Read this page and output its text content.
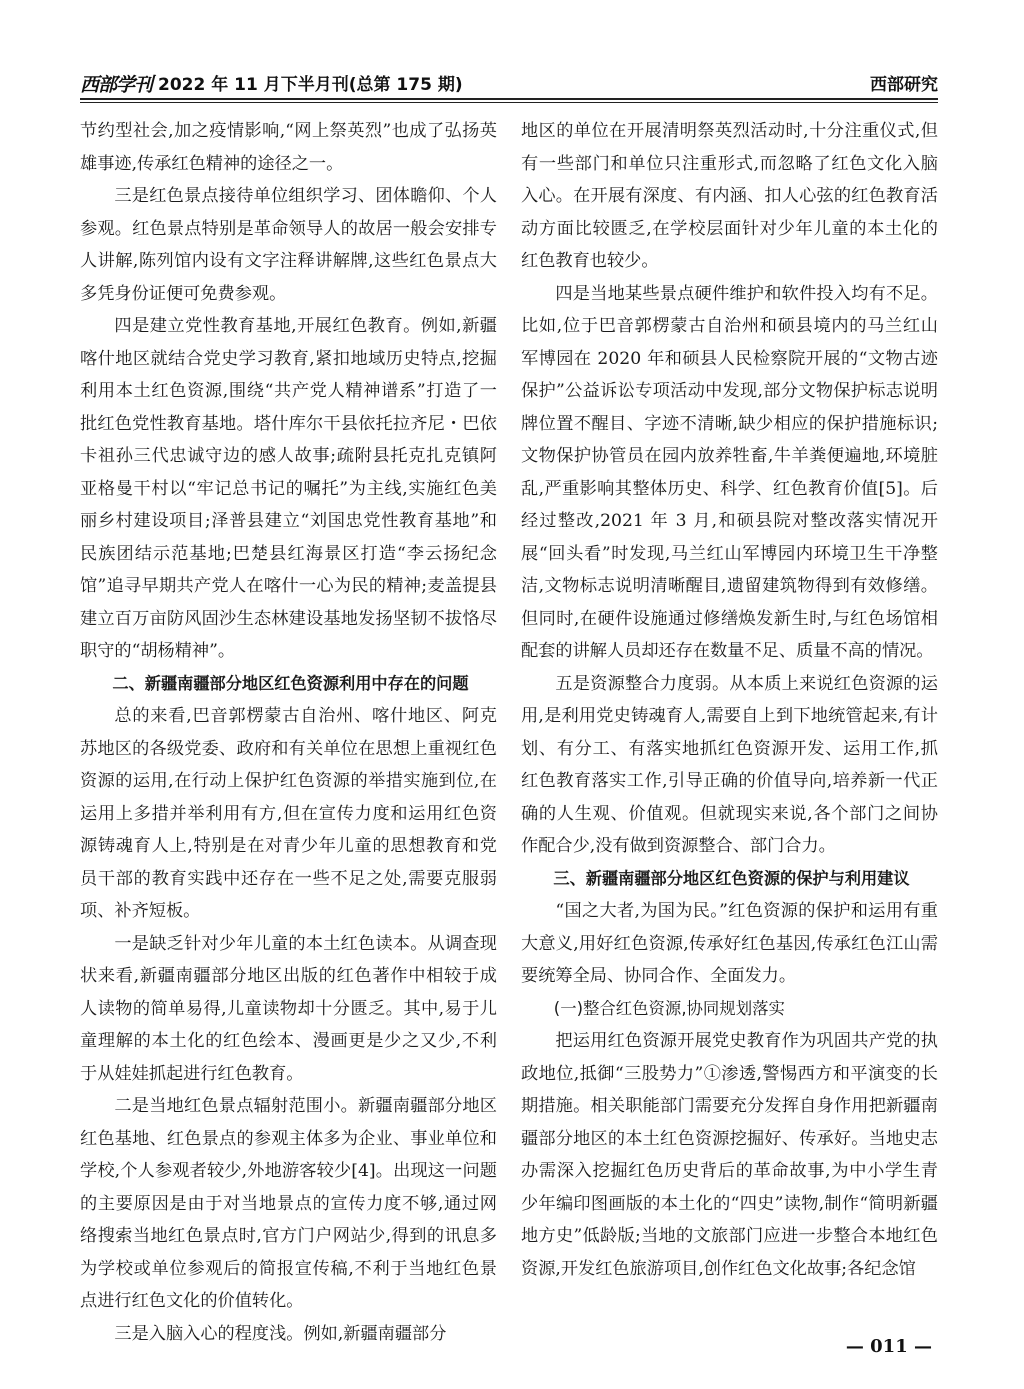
西部学刊 2022 年 11 月下半月刊(总第 175 期)	西部研究

节约型社会,加之疫情影响,“网上祭英烈”也成了弘扬英雄事迹,传承红色精神的途径之一。

三是红色景点接待单位组织学习、团体瞻仰、个人参观。红色景点特别是革命领导人的故居一般会安排专人讲解,陈列馆内设有文字注释讲解牌,这些红色景点大多凭身份证便可免费参观。

四是建立党性教育基地,开展红色教育。例如,新疆喀什地区就结合党史学习教育,紧扣地域历史特点,挖掘利用本土红色资源,围绕“共产党人精神谱系”打造了一批红色党性教育基地。塔什库尔干县依托拉齐尼・巴依卡祖孙三代忠诚守边的感人故事;疏附县托克扎克镇阿亚格曼干村以“牢记总书记的嘱托”为主线,实施红色美丽乡村建设项目;泽普县建立“刘国忠党性教育基地”和民族团结示范基地;巴楚县红海景区打造“李云扬纪念馆”追寻早期共产党人在喀什一心为民的精神;麦盖提县建立百万亩防风固沙生态林建设基地发扬坚韧不拔恪尽职守的“胡杨精神”。

二、新疆南疆部分地区红色资源利用中存在的问题

总的来看,巴音郭楞蒙古自治州、喀什地区、阿克苏地区的各级党委、政府和有关单位在思想上重视红色资源的运用,在行动上保护红色资源的举措实施到位,在运用上多措并举利用有方,但在宣传力度和运用红色资源铸魂育人上,特别是在对青少年儿童的思想教育和党员干部的教育实践中还存在一些不足之处,需要克服弱项、补齐短板。

一是缺乏针对少年儿童的本土红色读本。从调查现状来看,新疆南疆部分地区出版的红色著作中相较于成人读物的简单易得,儿童读物却十分匮乏。其中,易于儿童理解的本土化的红色绘本、漫画更是少之又少,不利于从娃娃抓起进行红色教育。

二是当地红色景点辐射范围小。新疆南疆部分地区红色基地、红色景点的参观主体多为企业、事业单位和学校,个人参观者较少,外地游客较少[4]。出现这一问题的主要原因是由于对当地景点的宣传力度不够,通过网络搜索当地红色景点时,官方门户网站少,得到的讯息多为学校或单位参观后的简报宣传稿,不利于当地红色景点进行红色文化的价值转化。

三是入脑入心的程度浅。例如,新疆南疆部分

地区的单位在开展清明祭英烈活动时,十分注重仪式,但有一些部门和单位只注重形式,而忽略了红色文化入脑入心。在开展有深度、有内涵、扣人心弦的红色教育活动方面比较匮乏,在学校层面针对少年儿童的本土化的红色教育也较少。

四是当地某些景点硬件维护和软件投入均有不足。比如,位于巴音郭楞蒙古自治州和硕县境内的马兰红山军博园在 2020 年和硕县人民检察院开展的“文物古迹保护”公益诉讼专项活动中发现,部分文物保护标志说明牌位置不醒目、字迹不清晰,缺少相应的保护措施标识;文物保护协管员在园内放养牲畜,牛羊粪便遍地,环境脏乱,严重影响其整体历史、科学、红色教育价值[5]。后经过整改,2021 年 3 月,和硕县院对整改落实情况开展“回头看”时发现,马兰红山军博园内环境卫生干净整洁,文物标志说明清晰醒目,遗留建筑物得到有效修缮。但同时,在硬件设施通过修缮焕发新生时,与红色场馆相配套的讲解人员却还存在数量不足、质量不高的情况。

五是资源整合力度弱。从本质上来说红色资源的运用,是利用党史铸魂育人,需要自上到下地统管起来,有计划、有分工、有落实地抓红色资源开发、运用工作,抓红色教育落实工作,引导正确的价值导向,培养新一代正确的人生观、价值观。但就现实来说,各个部门之间协作配合少,没有做到资源整合、部门合力。

三、新疆南疆部分地区红色资源的保护与利用建议

“国之大者,为国为民。”红色资源的保护和运用有重大意义,用好红色资源,传承好红色基因,传承红色江山需要统筹全局、协同合作、全面发力。

(一)整合红色资源,协同规划落实

把运用红色资源开展党史教育作为巩固共产党的执政地位,抵御“三股势力”①渗透,警惕西方和平演变的长期措施。相关职能部门需要充分发挥自身作用把新疆南疆部分地区的本土红色资源挖掘好、传承好。当地史志办需深入挖掘红色历史背后的革命故事,为中小学生青少年编印图画版的本土化的“四史”读物,制作“简明新疆地方史”低龄版;当地的文旅部门应进一步整合本地红色资源,开发红色旅游项目,创作红色文化故事;各纪念馆

— 011 —
